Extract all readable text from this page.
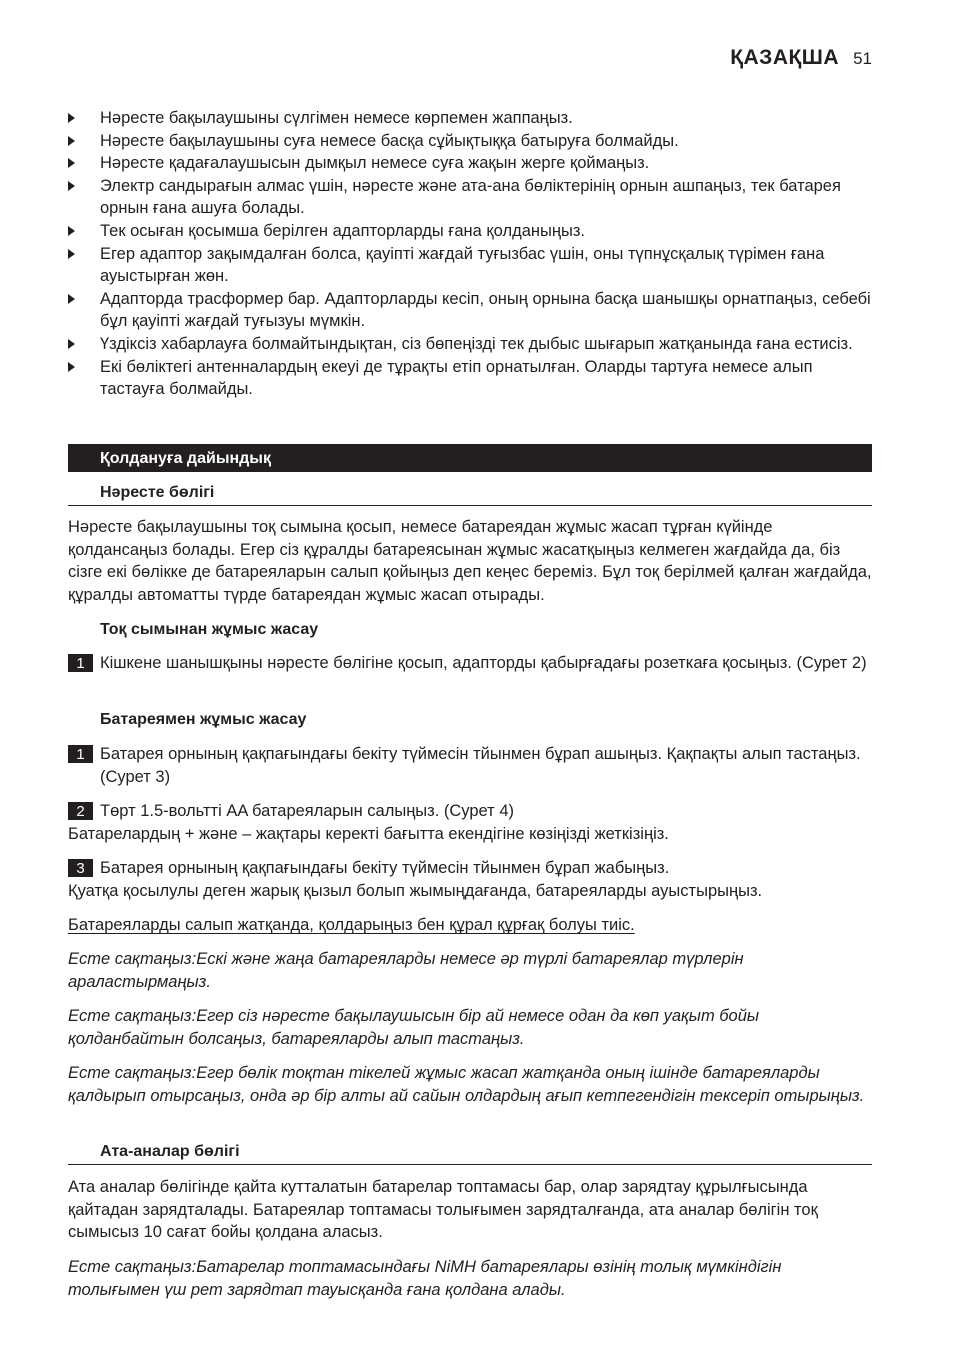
ҚАЗАҚША 51
Нәресте бақылаушыны сүлгімен немесе көрпемен жаппаңыз.
Нәресте бақылаушыны суға немесе басқа сұйықтыққа батыруға болмайды.
Нәресте қадағалаушысын дымқыл немесе суға жақын жерге қоймаңыз.
Электр сандырағын алмас үшін, нәресте және ата-ана бөліктерінің орнын ашпаңыз, тек батарея орнын ғана ашуға болады.
Тек осыған қосымша берілген адапторларды ғана қолданыңыз.
Егер адаптор зақымдалған болса, қауіпті жағдай туғызбас үшін, оны түпнұсқалық түрімен ғана ауыстырған жөн.
Адапторда трасформер бар. Адапторларды кесіп, оның орнына басқа шанышқы орнатпаңыз, себебі бұл қауіпті жағдай туғызуы мүмкін.
Үздіксіз хабарлауға болмайтындықтан, сіз бөпеңізді тек дыбыс шығарып жатқанында ғана естисіз.
Екі бөліктегі антенналардың екеуі де тұрақты етіп орнатылған. Оларды тартуға немесе алып тастауға болмайды.
Қолдануға дайындық
Нәресте бөлігі

Нәресте бақылаушыны тоқ сымына қосып, немесе батареядан жұмыс жасап тұрған күйінде қолдансаңыз болады. Егер сіз құралды батареясынан жұмыс жасатқыңыз келмеген жағдайда да, біз сізге екі бөлікке де батареяларын салып қойыңыз деп кеңес береміз. Бұл тоқ берілмей қалған жағдайда, құралды автоматты түрде батареядан жұмыс жасап отырады.

Тоқ сымынан жұмыс жасау
1 Кішкене шанышқыны нәресте бөлігіне қосып, адапторды қабырғадағы розеткаға қосыңыз. (Сурет 2)

Батареямен жұмыс жасау
1 Батарея орнының қақпағындағы бекіту түймесін тйынмен бұрап ашыңыз. Қақпақты алып тастаңыз. (Сурет 3)

2 Төрт 1.5-вольтті AA батареяларын салыңыз. (Сурет 4)

Батарелардың + және – жақтары керекті бағытта екендігіне көзіңізді жеткізіңіз.

3 Батарея орнының қақпағындағы бекіту түймесін тйынмен бұрап жабыңыз.

Қуатқа қосылулы деген жарық қызыл болып жымыңдағанда, батареяларды ауыстырыңыз.

Батареяларды салып жатқанда, қолдарыңыз бен құрал құрғақ болуы тиіс.

Есте сақтаңыз:Ескі және жаңа батареяларды немесе әр түрлі батареялар түрлерін араластырмаңыз.

Есте сақтаңыз:Егер сіз нәресте бақылаушысын бір ай немесе одан да көп уақыт бойы қолданбайтын болсаңыз, батареяларды алып тастаңыз.

Есте сақтаңыз:Егер бөлік тоқтан тікелей жұмыс жасап жатқанда оның ішінде батареяларды қалдырып отырсаңыз, онда әр бір алты ай сайын олдардың ағып кетпегендігін тексеріп отырыңыз.

Ата-аналар бөлігі

Ата аналар бөлігінде қайта кутталатын батарелар топтамасы бар, олар зарядтау құрылғысында қайтадан зарядталады. Батареялар топтамасы толығымен зарядталғанда, ата аналар бөлігін тоқ сымысыз 10 сағат бойы қолдана аласыз.

Есте сақтаңыз:Батарелар топтамасындағы NiMH батареялары өзінің толық мүмкіндігін толығымен үш рет зарядтап тауысқанда ғана қолдана алады.
